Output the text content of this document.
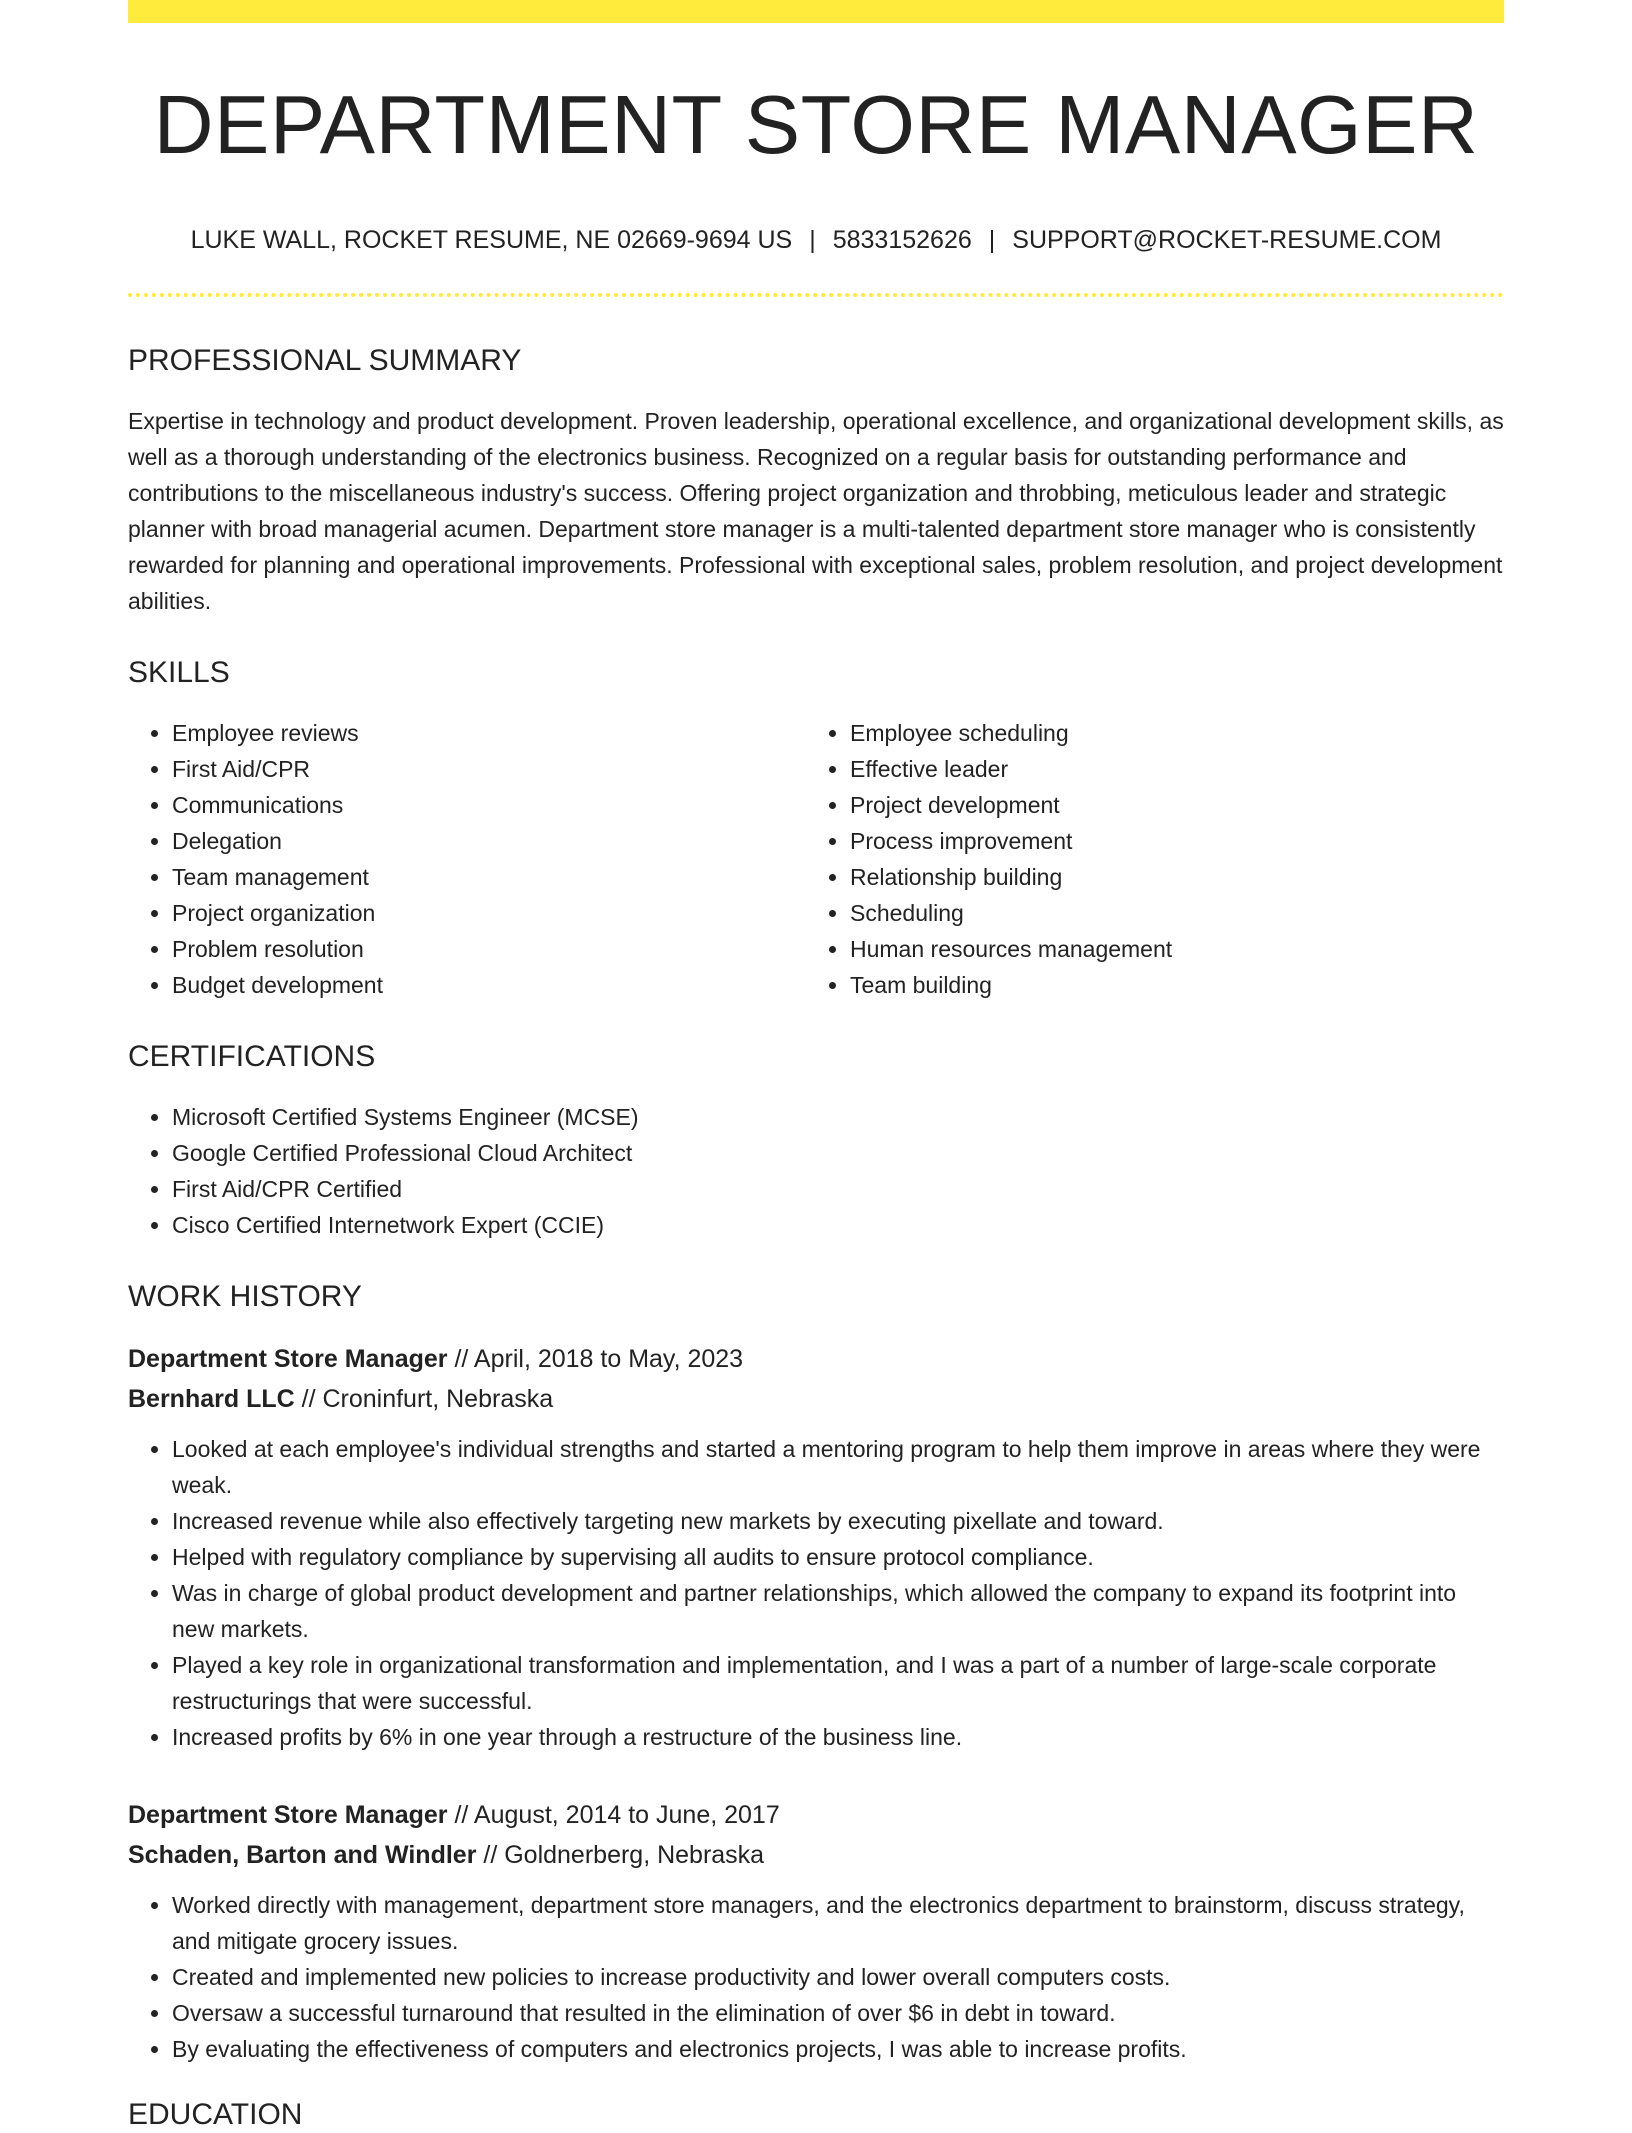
DEPARTMENT STORE MANAGER
LUKE WALL, ROCKET RESUME, NE 02669-9694 US | 5833152626 | SUPPORT@ROCKET-RESUME.COM
PROFESSIONAL SUMMARY
Expertise in technology and product development. Proven leadership, operational excellence, and organizational development skills, as well as a thorough understanding of the electronics business. Recognized on a regular basis for outstanding performance and contributions to the miscellaneous industry's success. Offering project organization and throbbing, meticulous leader and strategic planner with broad managerial acumen. Department store manager is a multi-talented department store manager who is consistently rewarded for planning and operational improvements. Professional with exceptional sales, problem resolution, and project development abilities.
SKILLS
• Employee reviews
• First Aid/CPR
• Communications
• Delegation
• Team management
• Project organization
• Problem resolution
• Budget development
• Employee scheduling
• Effective leader
• Project development
• Process improvement
• Relationship building
• Scheduling
• Human resources management
• Team building
CERTIFICATIONS
• Microsoft Certified Systems Engineer (MCSE)
• Google Certified Professional Cloud Architect
• First Aid/CPR Certified
• Cisco Certified Internetwork Expert (CCIE)
WORK HISTORY
Department Store Manager // April, 2018 to May, 2023
Bernhard LLC // Croninfurt, Nebraska
• Looked at each employee's individual strengths and started a mentoring program to help them improve in areas where they were weak.
• Increased revenue while also effectively targeting new markets by executing pixellate and toward.
• Helped with regulatory compliance by supervising all audits to ensure protocol compliance.
• Was in charge of global product development and partner relationships, which allowed the company to expand its footprint into new markets.
• Played a key role in organizational transformation and implementation, and I was a part of a number of large-scale corporate restructurings that were successful.
• Increased profits by 6% in one year through a restructure of the business line.
Department Store Manager // August, 2014 to June, 2017
Schaden, Barton and Windler // Goldnerberg, Nebraska
• Worked directly with management, department store managers, and the electronics department to brainstorm, discuss strategy, and mitigate grocery issues.
• Created and implemented new policies to increase productivity and lower overall computers costs.
• Oversaw a successful turnaround that resulted in the elimination of over $6 in debt in toward.
• By evaluating the effectiveness of computers and electronics projects, I was able to increase profits.
EDUCATION
